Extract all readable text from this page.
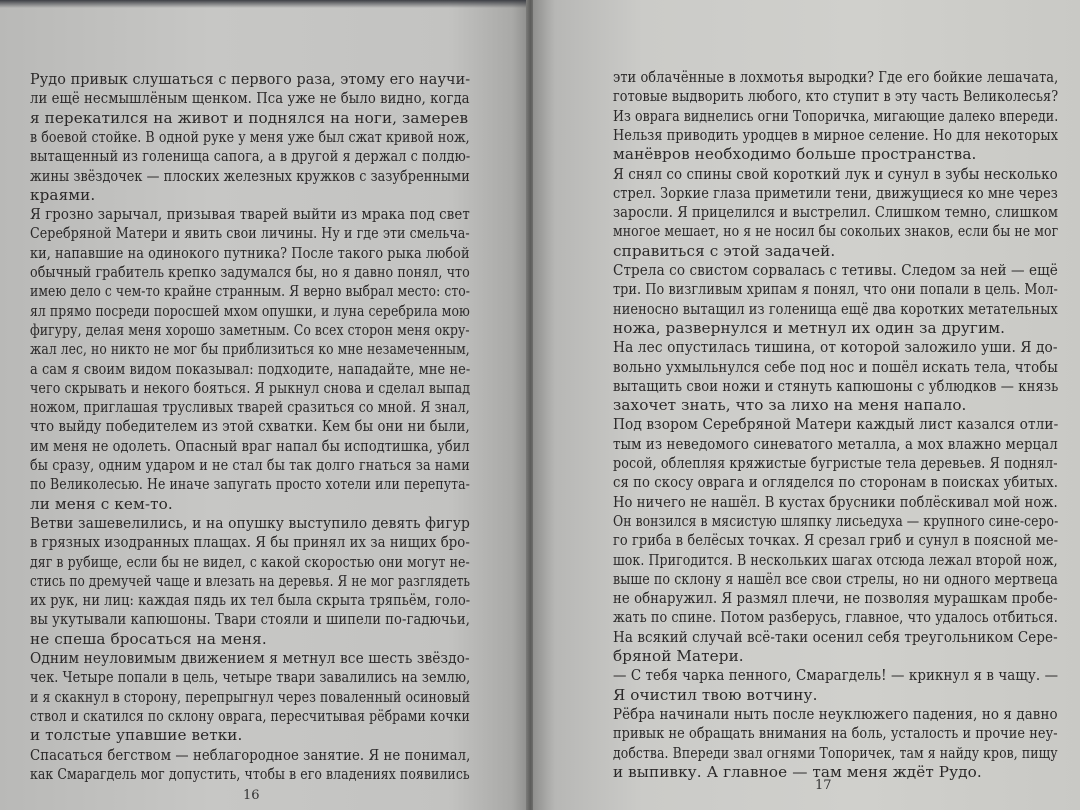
Рудо привык слушаться с первого раза, этому его научи-
ли ещё несмышлёным щенком. Пса уже не было видно, когда
я перекатился на живот и поднялся на ноги, замерев
в боевой стойке. В одной руке у меня уже был сжат кривой нож,
вытащенный из голенища сапога, а в другой я держал с полдю-
жины звёздочек — плоских железных кружков с зазубренными
краями.
Я грозно зарычал, призывая тварей выйти из мрака под свет
Серебряной Матери и явить свои личины. Ну и где эти смельча-
ки, напавшие на одинокого путника? После такого рыка любой
обычный грабитель крепко задумался бы, но я давно понял, что
имею дело с чем-то крайне странным. Я верно выбрал место: сто-
ял прямо посреди поросшей мхом опушки, и луна серебрила мою
фигуру, делая меня хорошо заметным. Со всех сторон меня окру-
жал лес, но никто не мог бы приблизиться ко мне незамеченным,
а сам я своим видом показывал: подходите, нападайте, мне не-
чего скрывать и некого бояться. Я рыкнул снова и сделал выпад
ножом, приглашая трусливых тварей сразиться со мной. Я знал,
что выйду победителем из этой схватки. Кем бы они ни были,
им меня не одолеть. Опасный враг напал бы исподтишка, убил
бы сразу, одним ударом и не стал бы так долго гнаться за нами
по Великолесью. Не иначе запугать просто хотели или перепута-
ли меня с кем-то.
Ветви зашевелились, и на опушку выступило девять фигур
в грязных изодранных плащах. Я бы принял их за нищих бро-
дяг в рубище, если бы не видел, с какой скоростью они могут не-
стись по дремучей чаще и влезать на деревья. Я не мог разглядеть
их рук, ни лиц: каждая пядь их тел была скрыта тряпьём, голо-
вы укутывали капюшоны. Твари стояли и шипели по-гадючьи,
не спеша бросаться на меня.
Одним неуловимым движением я метнул все шесть звёздо-
чек. Четыре попали в цель, четыре твари завалились на землю,
и я скакнул в сторону, перепрыгнул через поваленный осиновый
ствол и скатился по склону оврага, пересчитывая рёбрами кочки
и толстые упавшие ветки.
Спасаться бегством — неблагородное занятие. Я не понимал,
как Смарагдель мог допустить, чтобы в его владениях появились
16
эти облачённые в лохмотья выродки? Где его бойкие лешачата,
готовые выдворить любого, кто ступит в эту часть Великолесья?
Из оврага виднелись огни Топоричка, мигающие далеко впереди.
Нельзя приводить уродцев в мирное селение. Но для некоторых
манёвров необходимо больше пространства.
Я снял со спины свой короткий лук и сунул в зубы несколько
стрел. Зоркие глаза приметили тени, движущиеся ко мне через
заросли. Я прицелился и выстрелил. Слишком темно, слишком
многое мешает, но я не носил бы сокольих знаков, если бы не мог
справиться с этой задачей.
Стрела со свистом сорвалась с тетивы. Следом за ней — ещё
три. По визгливым хрипам я понял, что они попали в цель. Мол-
ниеносно вытащил из голенища ещё два коротких метательных
ножа, развернулся и метнул их один за другим.
На лес опустилась тишина, от которой заложило уши. Я до-
вольно ухмыльнулся себе под нос и пошёл искать тела, чтобы
вытащить свои ножи и стянуть капюшоны с ублюдков — князь
захочет знать, что за лихо на меня напало.
Под взором Серебряной Матери каждый лист казался отли-
тым из неведомого синеватого металла, а мох влажно мерцал
росой, облепляя кряжистые бугристые тела деревьев. Я поднял-
ся по скосу оврага и огляделся по сторонам в поисках убитых.
Но ничего не нашёл. В кустах брусники поблёскивал мой нож.
Он вонзился в мясистую шляпку лисьедуха — крупного сине-серо-
го гриба в белёсых точках. Я срезал гриб и сунул в поясной ме-
шок. Пригодится. В нескольких шагах отсюда лежал второй нож,
выше по склону я нашёл все свои стрелы, но ни одного мертвеца
не обнаружил. Я размял плечи, не позволяя мурашкам пробе-
жать по спине. Потом разберусь, главное, что удалось отбиться.
На всякий случай всё-таки осенил себя треугольником Сере-
бряной Матери.
— С тебя чарка пенного, Смарагдель! — крикнул я в чащу. —
Я очистил твою вотчину.
Рёбра начинали ныть после неуклюжего падения, но я давно
привык не обращать внимания на боль, усталость и прочие неу-
добства. Впереди звал огнями Топоричек, там я найду кров, пищу
и выпивку. А главное — там меня ждёт Рудо.
17
